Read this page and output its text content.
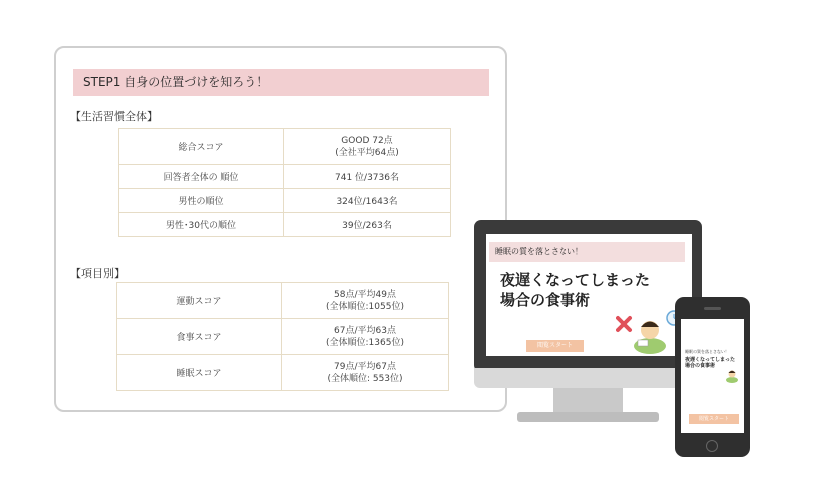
STEP1 自身の位置づけを知ろう！
【生活習慣全体】
総合スコア	GOOD 72点
(全社平均64点)

回答者全体の 順位	741 位/3736名
男性の順位	324位/1643名
男性･30代の順位	39位/263名
【項目別】
運動スコア	58点/平均49点
(全体順位:1055位)

食事スコア	67点/平均63点
(全体順位:1365位)

睡眠スコア	79点/平均67点
(全体順位: 553位)
睡眠の質を落とさない！
夜遅くなってしまった
場合の食事術
閲覧スタート
睡眠の質を落とさない！
夜遅くなってしまった
場合の食事術
閲覧スタート
